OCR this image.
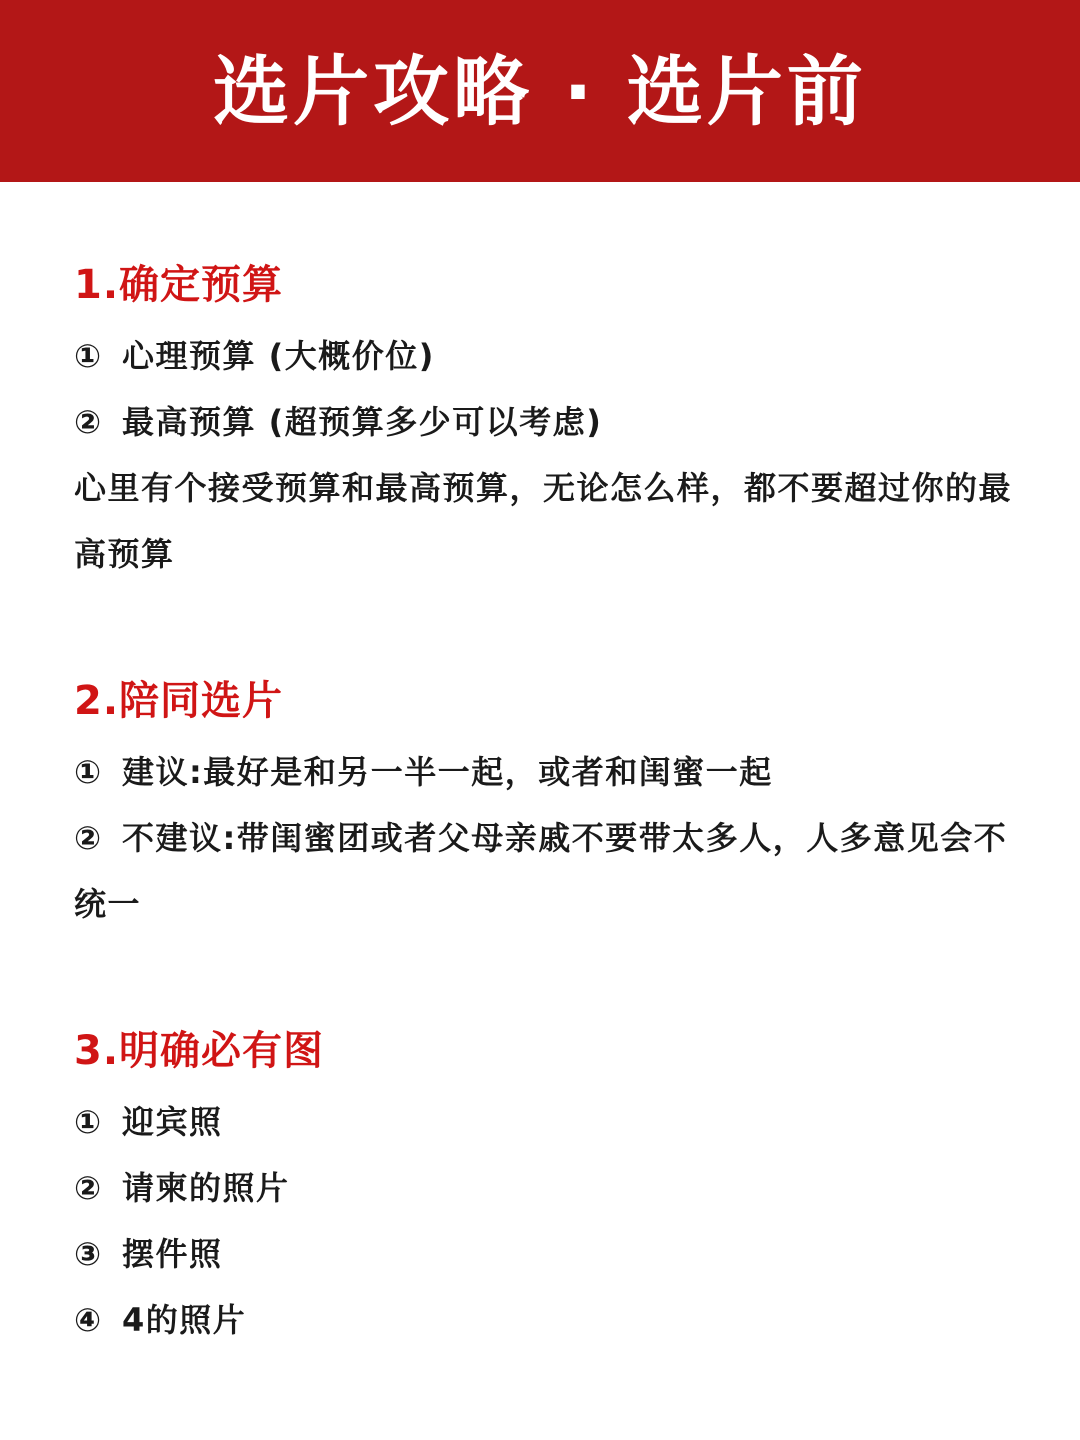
选片攻略 · 选片前
1.确定预算
① 心理预算 (大概价位)
② 最高预算 (超预算多少可以考虑)
心里有个接受预算和最高预算，无论怎么样，都不要超过你的最高预算
2.陪同选片
① 建议:最好是和另一半一起，或者和闺蜜一起
② 不建议:带闺蜜团或者父母亲戚不要带太多人，人多意见会不统一
3.明确必有图
① 迎宾照
② 请柬的照片
③ 摆件照
④ 4的照片
